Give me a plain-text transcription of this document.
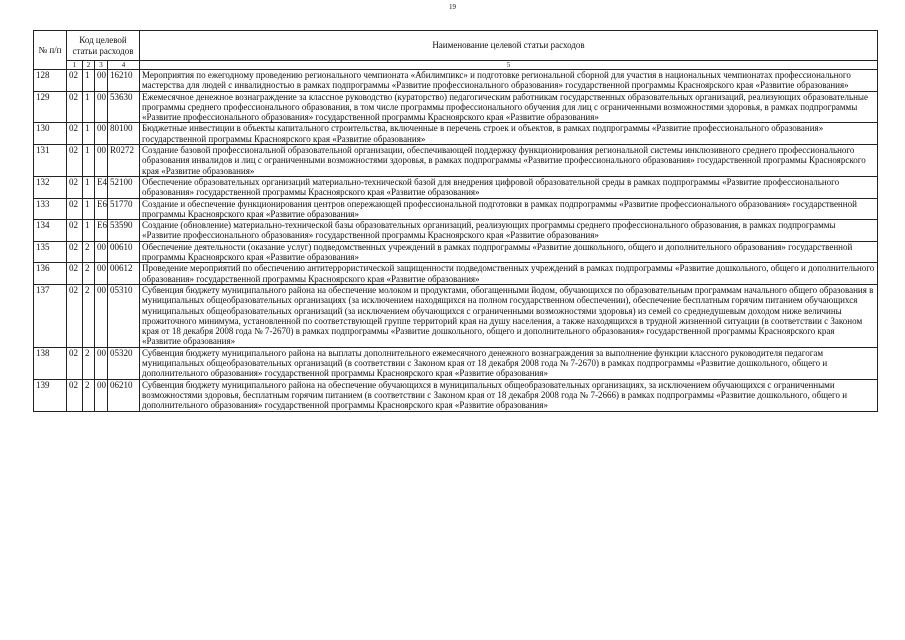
19
№ п/п	Код целевой статьи расходов				Наименование целевой статьи расходов
	1	2	3	4	5
128	02	1	00	16210	Мероприятия по ежегодному проведению регионального чемпионата «Абилимпикс» и подготовке региональной сборной для участия в национальных чемпионатах профессионального мастерства для людей с инвалидностью в рамках подпрограммы «Развитие профессионального образования» государственной программы Красноярского края «Развитие образования»
129	02	1	00	53630	Ежемесячное денежное вознаграждение за классное руководство (кураторство) педагогическим работникам государственных образовательных организаций, реализующих образовательные программы среднего профессионального образования, в том числе программы профессионального обучения для лиц с ограниченными возможностями здоровья, в рамках подпрограммы «Развитие профессионального образования» государственной программы Красноярского края «Развитие образования»
130	02	1	00	80100	Бюджетные инвестиции в объекты капитального строительства, включенные в перечень строек и объектов, в рамках подпрограммы «Развитие профессионального образования» государственной программы Красноярского края «Развитие образования»
131	02	1	00	R0272	Создание базовой профессиональной образовательной организации, обеспечивающей поддержку функционирования региональной системы инклюзивного среднего профессионального образования инвалидов и лиц с ограниченными возможностями здоровья, в рамках подпрограммы «Развитие профессионального образования» государственной программы Красноярского края «Развитие образования»
132	02	1	E4	52100	Обеспечение образовательных организаций материально-технической базой для внедрения цифровой образовательной среды в рамках подпрограммы «Развитие профессионального образования» государственной программы Красноярского края «Развитие образования»
133	02	1	E6	51770	Создание и обеспечение функционирования центров опережающей профессиональной подготовки в рамках подпрограммы «Развитие профессионального образования» государственной программы Красноярского края «Развитие образования»
134	02	1	E6	53590	Создание (обновление) материально-технической базы образовательных организаций, реализующих программы среднего профессионального образования, в рамках подпрограммы «Развитие профессионального образования» государственной программы Красноярского края «Развитие образования»
135	02	2	00	00610	Обеспечение деятельности (оказание услуг) подведомственных учреждений в рамках подпрограммы «Развитие дошкольного, общего и дополнительного образования» государственной программы Красноярского края «Развитие образования»
136	02	2	00	00612	Проведение мероприятий по обеспечению антитеррористической защищенности подведомственных учреждений в рамках подпрограммы «Развитие дошкольного, общего и дополнительного образования» государственной программы Красноярского края «Развитие образования»
137	02	2	00	05310	Субвенция бюджету муниципального района на обеспечение молоком и продуктами, обогащенными йодом, обучающихся по образовательным программам начального общего образования в муниципальных общеобразовательных организациях (за исключением находящихся на полном государственном обеспечении), обеспечение бесплатным горячим питанием обучающихся муниципальных общеобразовательных организаций (за исключением обучающихся с ограниченными возможностями здоровья) из семей со среднедушевым доходом ниже величины прожиточного минимума, установленной по соответствующей группе территорий края на душу населения, а также находящихся в трудной жизненной ситуации (в соответствии с Законом края от 18 декабря 2008 года № 7-2670) в рамках подпрограммы «Развитие дошкольного, общего и дополнительного образования» государственной программы Красноярского края «Развитие образования»
138	02	2	00	05320	Субвенция бюджету муниципального района на выплаты дополнительного ежемесячного денежного вознаграждения за выполнение функции классного руководителя педагогам муниципальных общеобразовательных организаций (в соответствии с Законом края от 18 декабря 2008 года № 7-2670) в рамках подпрограммы «Развитие дошкольного, общего и дополнительного образования» государственной программы Красноярского края «Развитие образования»
139	02	2	00	06210	Субвенция бюджету муниципального района на обеспечение обучающихся в муниципальных общеобразовательных организациях, за исключением обучающихся с ограниченными возможностями здоровья, бесплатным горячим питанием (в соответствии с Законом края от 18 декабря 2008 года № 7-2666) в рамках подпрограммы «Развитие дошкольного, общего и дополнительного образования» государственной программы Красноярского края «Развитие образования»
